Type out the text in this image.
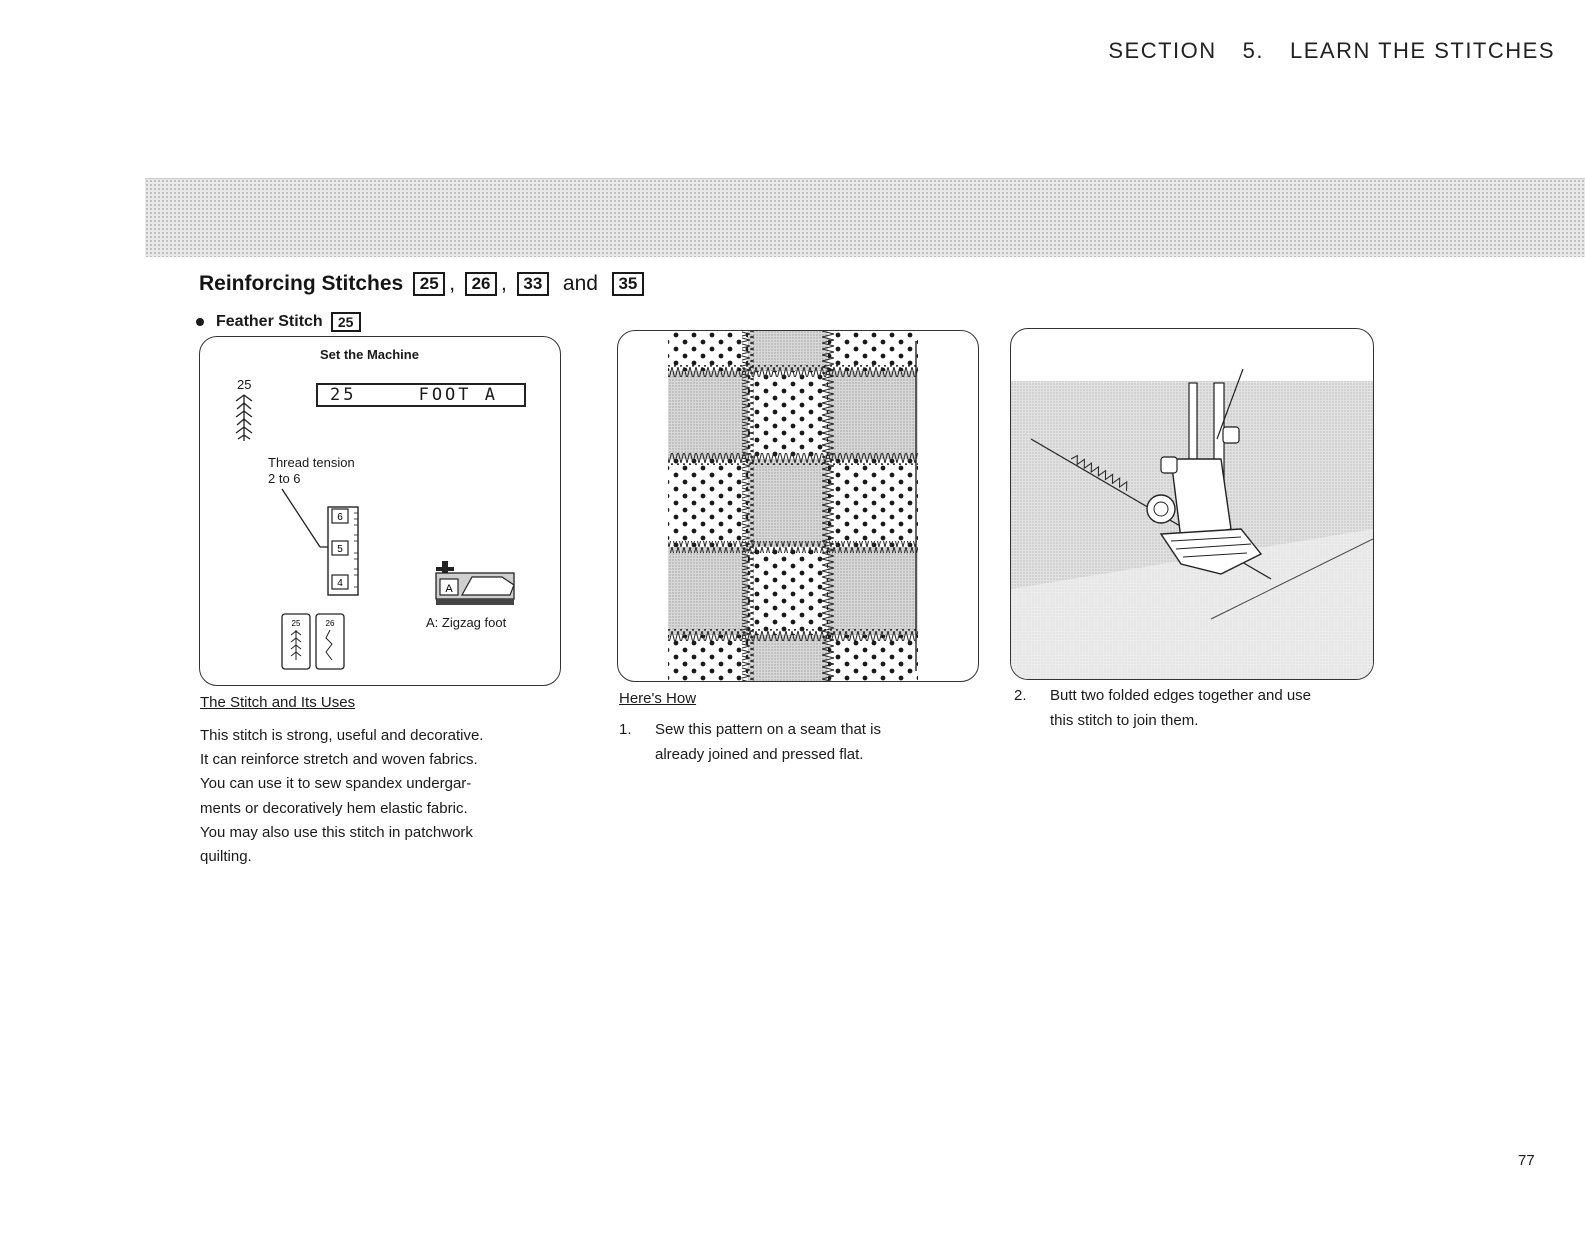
SECTION 5. LEARN THE STITCHES
Reinforcing Stitches 25 , 26 , 33 and	35
Feather Stitch	25
Set the Machine
25
25	FOOT A
Thread tension
2 to 6
6
5
4
25	26
A
A: Zigzag foot
The Stitch and Its Uses
This stitch is strong, useful and decorative.
It can reinforce stretch and woven fabrics.
You can use it to sew spandex undergar-
ments or decoratively hem elastic fabric.
You may also use this stitch in patchwork
quilting.
Here's How
1. Sew this pattern on a seam that is
already joined and pressed flat.
2. Butt two folded edges together and use
this stitch to join them.
77
